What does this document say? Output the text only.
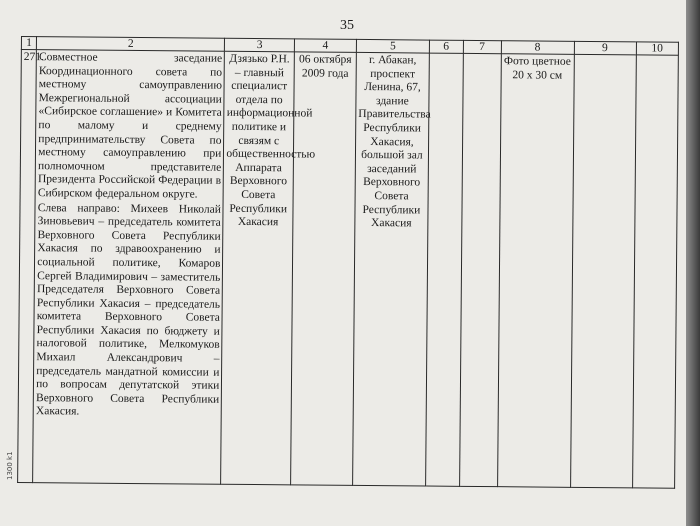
35
1	2	3	4	5	6	7	8	9	10
271.	Совместное заседание Координационного совета по местному самоуправлению Межрегиональной ассоциации «Сибирское соглашение» и Комитета по малому и среднему предпринимательству Совета по местному самоуправлению при полномочном представителе Президента Российской Федерации в Сибирском федеральном округе.

Слева направо: Михеев Николай Зиновьевич – председатель комитета Верховного Совета Республики Хакасия по здравоохранению и социальной политике, Комаров Сергей Владимирович – заместитель Председателя Верховного Совета Республики Хакасия – председатель комитета Верховного Совета Республики Хакасия по бюджету и налоговой политике, Мелкомуков Михаил Александрович – председатель мандатной комиссии и по вопросам депутатской этики Верховного Совета Республики Хакасия.	Дзязько Р.Н. – главный специалист отдела по информационной политике и связям с общественностью Аппарата Верховного Совета Республики Хакасия	06 октября 2009 года	г. Абакан, проспект Ленина, 67, здание Правительства Республики Хакасия, большой зал заседаний Верховного Совета Республики Хакасия			Фото цветное 20 х 30 см		
1300 k1
